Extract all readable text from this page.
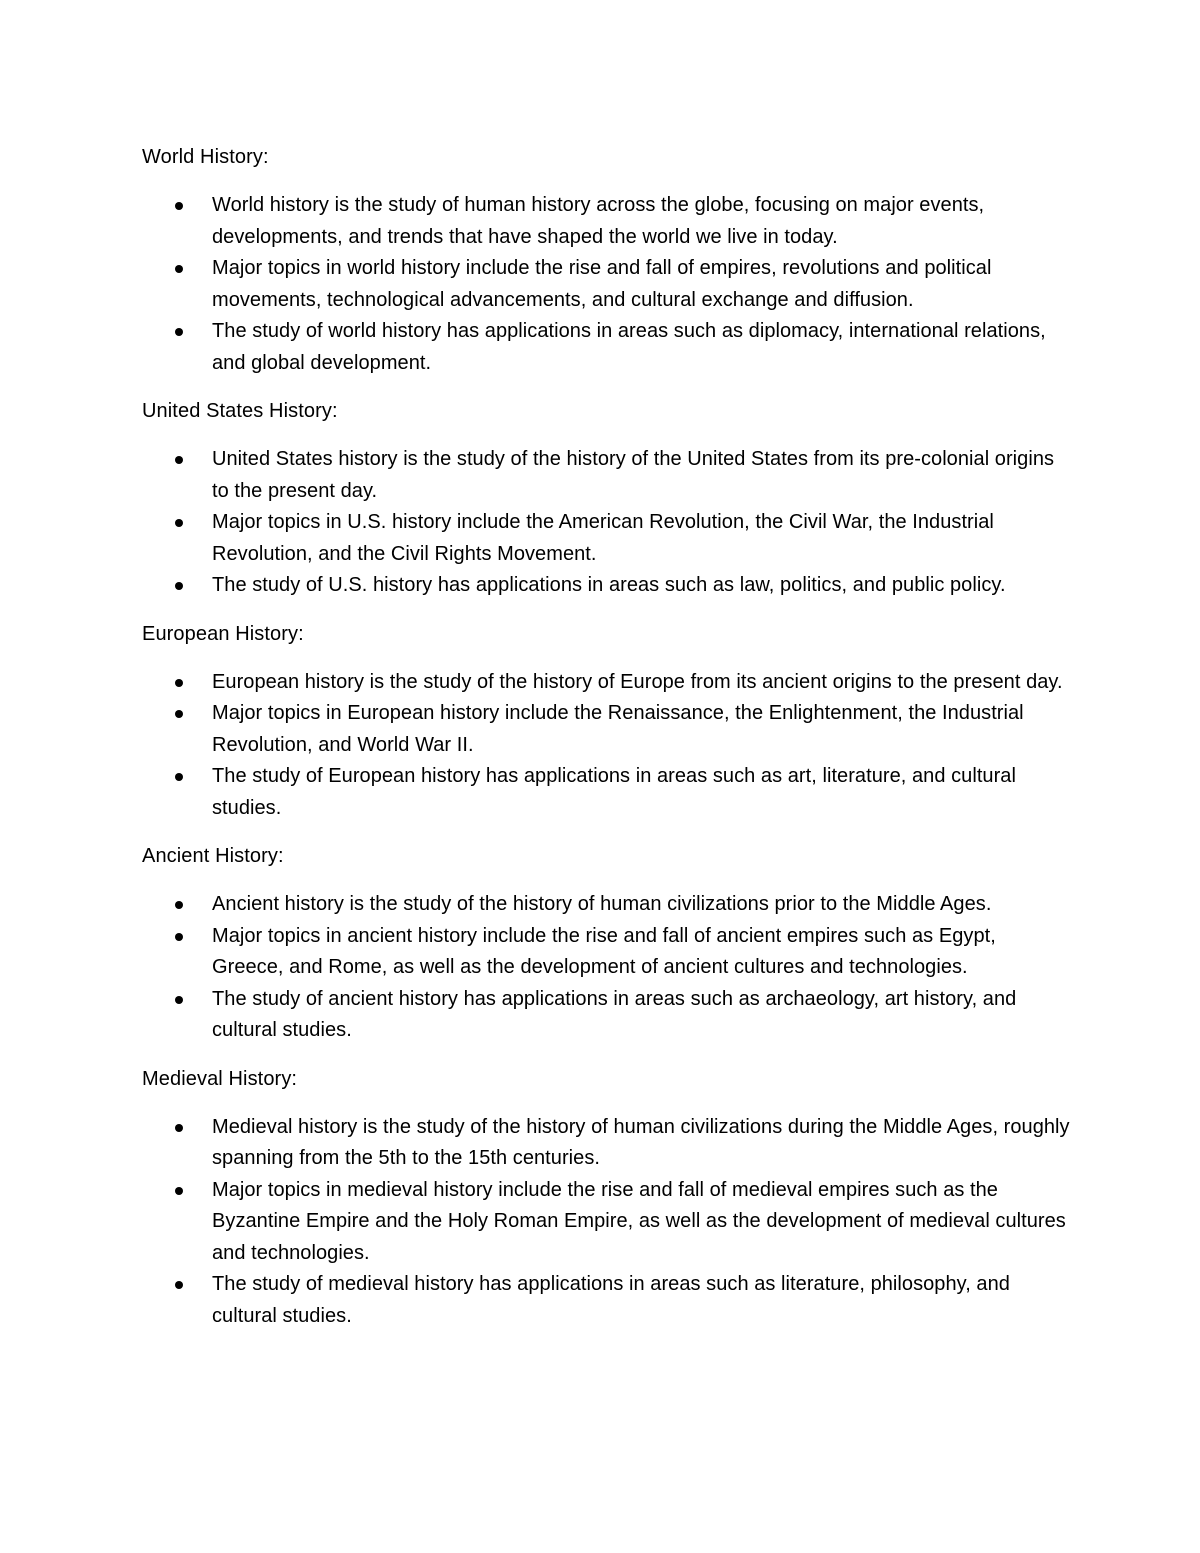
World History:
World history is the study of human history across the globe, focusing on major events, developments, and trends that have shaped the world we live in today.
Major topics in world history include the rise and fall of empires, revolutions and political movements, technological advancements, and cultural exchange and diffusion.
The study of world history has applications in areas such as diplomacy, international relations, and global development.
United States History:
United States history is the study of the history of the United States from its pre-colonial origins to the present day.
Major topics in U.S. history include the American Revolution, the Civil War, the Industrial Revolution, and the Civil Rights Movement.
The study of U.S. history has applications in areas such as law, politics, and public policy.
European History:
European history is the study of the history of Europe from its ancient origins to the present day.
Major topics in European history include the Renaissance, the Enlightenment, the Industrial Revolution, and World War II.
The study of European history has applications in areas such as art, literature, and cultural studies.
Ancient History:
Ancient history is the study of the history of human civilizations prior to the Middle Ages.
Major topics in ancient history include the rise and fall of ancient empires such as Egypt, Greece, and Rome, as well as the development of ancient cultures and technologies.
The study of ancient history has applications in areas such as archaeology, art history, and cultural studies.
Medieval History:
Medieval history is the study of the history of human civilizations during the Middle Ages, roughly spanning from the 5th to the 15th centuries.
Major topics in medieval history include the rise and fall of medieval empires such as the Byzantine Empire and the Holy Roman Empire, as well as the development of medieval cultures and technologies.
The study of medieval history has applications in areas such as literature, philosophy, and cultural studies.
